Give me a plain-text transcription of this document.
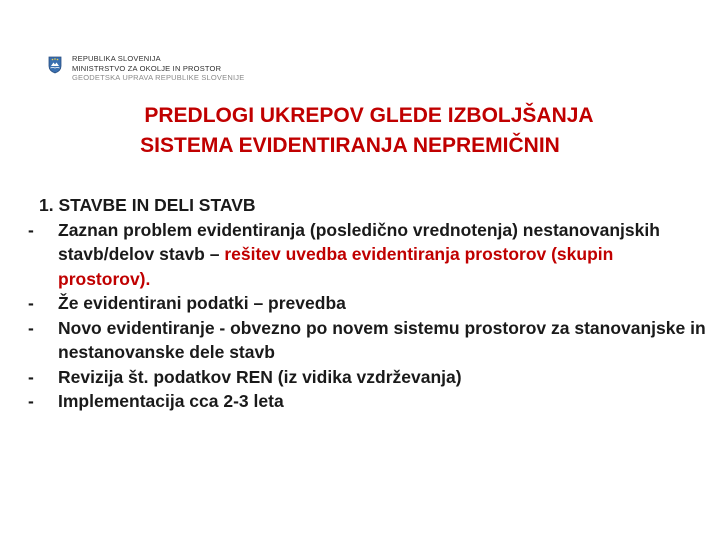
REPUBLIKA SLOVENIJA
MINISTRSTVO ZA OKOLJE IN PROSTOR
GEODETSKA UPRAVA REPUBLIKE SLOVENIJE
PREDLOGI UKREPOV GLEDE IZBOLJŠANJA
SISTEMA EVIDENTIRANJA NEPREMIČNIN
1. STAVBE IN DELI STAVB
-	Zaznan problem evidentiranja (posledično vrednotenja) nestanovanjskih stavb/delov stavb – rešitev uvedba evidentiranja prostorov (skupin prostorov).
-	Že evidentirani podatki – prevedba
-	Novo evidentiranje - obvezno po novem sistemu prostorov za stanovanjske in nestanovanske dele stavb
-	Revizija št. podatkov REN (iz vidika vzdrževanja)
-	Implementacija cca 2-3 leta
